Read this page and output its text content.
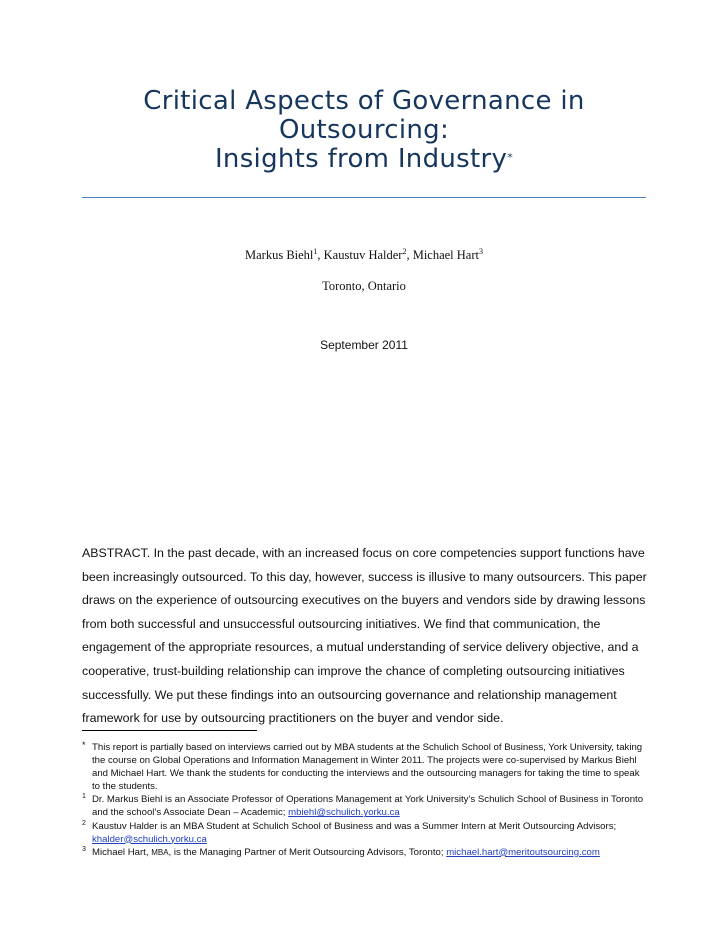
Critical Aspects of Governance in
Outsourcing:
Insights from Industry*
Markus Biehl$^1$, Kaustuv Halder$^2$, Michael Hart$^3$
Toronto, Ontario
September 2011
ABSTRACT. In the past decade, with an increased focus on core competencies support functions have been increasingly outsourced. To this day, however, success is illusive to many outsourcers. This paper draws on the experience of outsourcing executives on the buyers and vendors side by drawing lessons from both successful and unsuccessful outsourcing initiatives. We find that communication, the engagement of the appropriate resources, a mutual understanding of service delivery objective, and a cooperative, trust-building relationship can improve the chance of completing outsourcing initiatives successfully. We put these findings into an outsourcing governance and relationship management framework for use by outsourcing practitioners on the buyer and vendor side.
* This report is partially based on interviews carried out by MBA students at the Schulich School of Business, York University, taking the course on Global Operations and Information Management in Winter 2011. The projects were co-supervised by Markus Biehl and Michael Hart. We thank the students for conducting the interviews and the outsourcing managers for taking the time to speak to the students.
1 Dr. Markus Biehl is an Associate Professor of Operations Management at York University’s Schulich School of Business in Toronto and the school’s Associate Dean – Academic; mbiehl@schulich.yorku.ca
2 Kaustuv Halder is an MBA Student at Schulich School of Business and was a Summer Intern at Merit Outsourcing Advisors; khalder@schulich.yorku.ca
3 Michael Hart, MBA, is the Managing Partner of Merit Outsourcing Advisors, Toronto; michael.hart@meritoutsourcing.com
